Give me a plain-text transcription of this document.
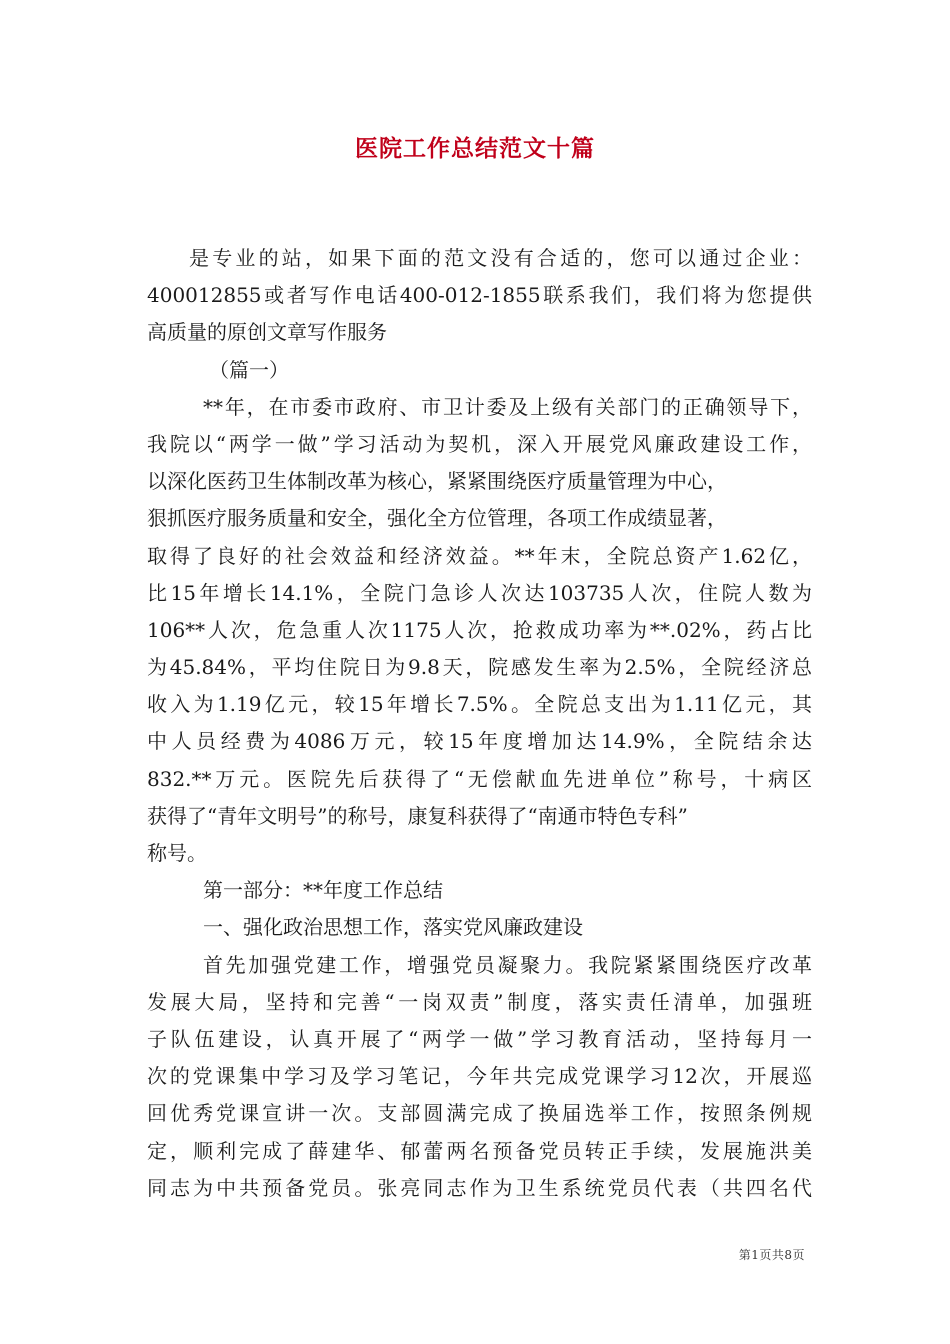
医院工作总结范文十篇
是专业的站，如果下面的范文没有合适的，您可以通过企业：
400012855或者写作电话400-012-1855联系我们，我们将为您提供
高质量的原创文章写作服务
（篇一）
**年，在市委市政府、市卫计委及上级有关部门的正确领导下，
我院以“两学一做”学习活动为契机，深入开展党风廉政建设工作，
以深化医药卫生体制改革为核心，紧紧围绕医疗质量管理为中心，
狠抓医疗服务质量和安全，强化全方位管理，各项工作成绩显著，
取得了良好的社会效益和经济效益。**年末，全院总资产1.62亿，
比15年增长14.1%，全院门急诊人次达103735人次，住院人数为
106**人次，危急重人次1175人次，抢救成功率为**.02%，药占比
为45.84%，平均住院日为9.8天，院感发生率为2.5%，全院经济总
收入为1.19亿元，较15年增长7.5%。全院总支出为1.11亿元，其
中人员经费为4086万元，较15年度增加达14.9%，全院结余达
832.**万元。医院先后获得了“无偿献血先进单位”称号，十病区
获得了“青年文明号”的称号，康复科获得了“南通市特色专科”
称号。
第一部分：**年度工作总结
一、强化政治思想工作，落实党风廉政建设
首先加强党建工作，增强党员凝聚力。我院紧紧围绕医疗改革
发展大局，坚持和完善“一岗双责”制度，落实责任清单，加强班
子队伍建设，认真开展了“两学一做”学习教育活动，坚持每月一
次的党课集中学习及学习笔记，今年共完成党课学习12次，开展巡
回优秀党课宣讲一次。支部圆满完成了换届选举工作，按照条例规
定，顺利完成了薛建华、郁蕾两名预备党员转正手续，发展施洪美
同志为中共预备党员。张亮同志作为卫生系统党员代表（共四名代
第1页共8页
